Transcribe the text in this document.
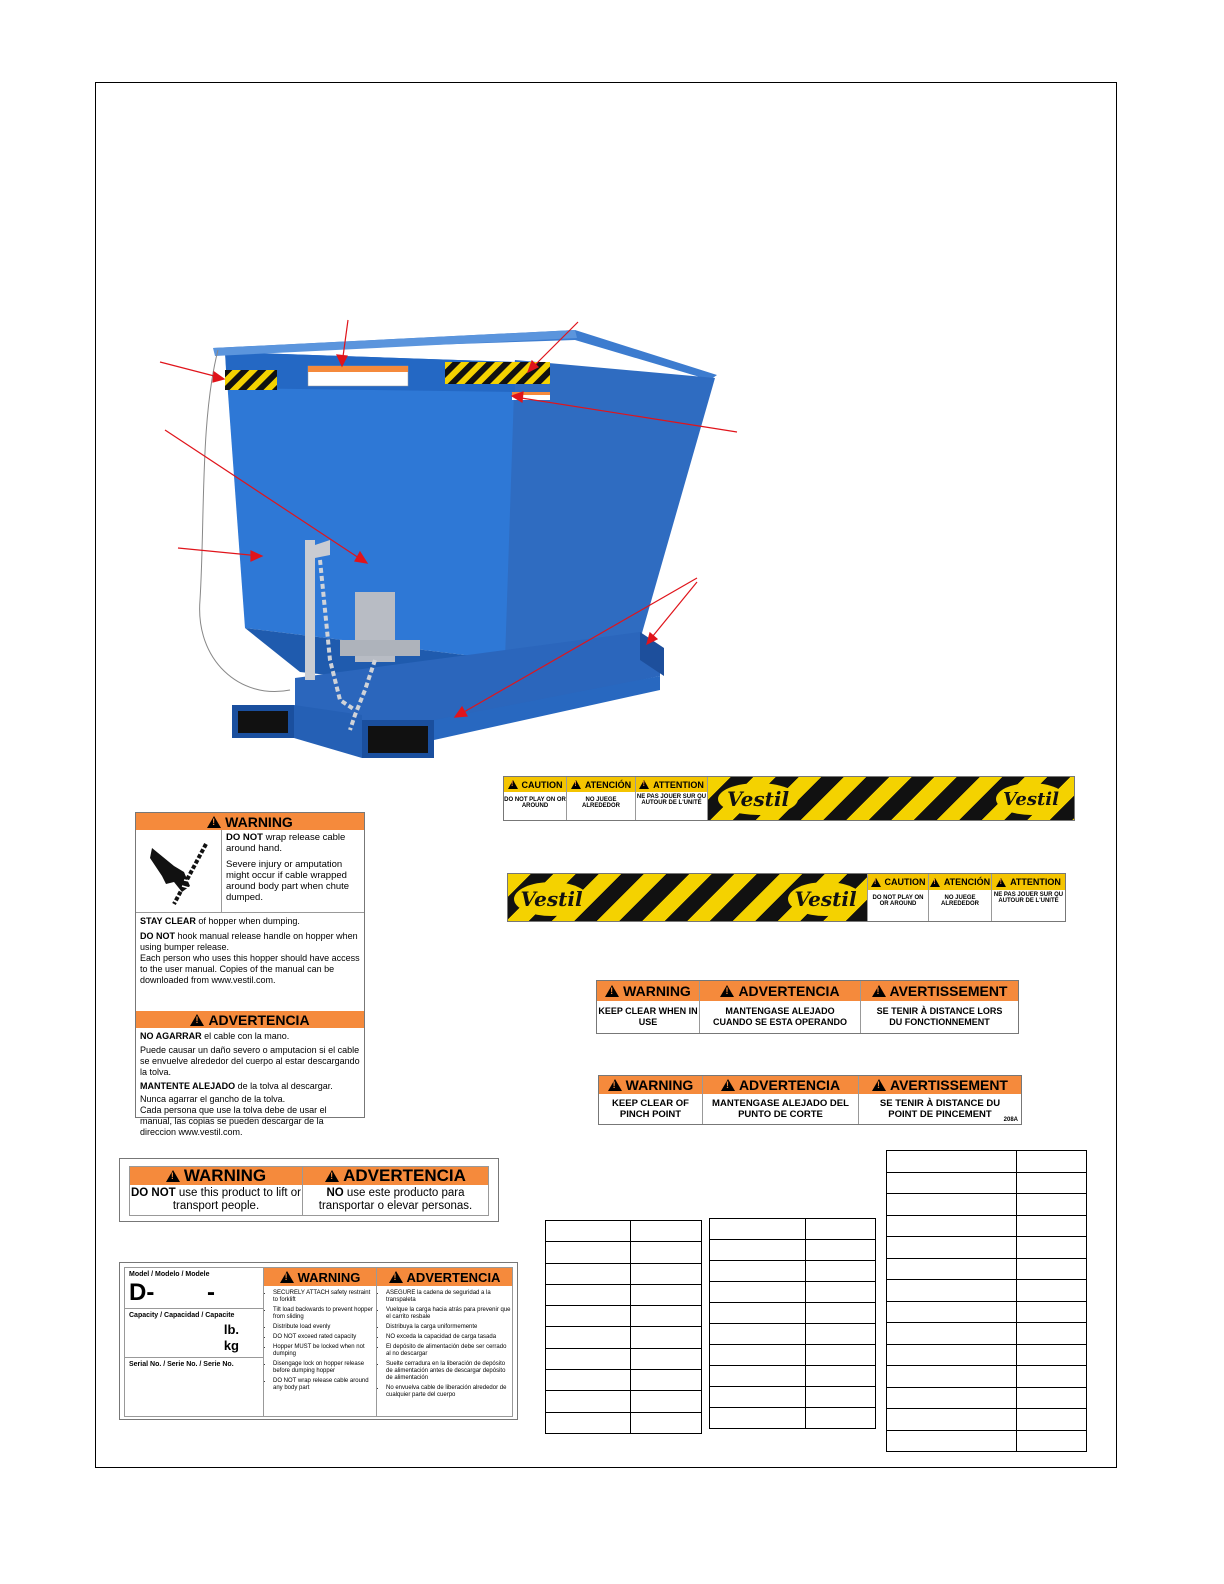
!
CAUTION
DO NOT PLAY ON OR AROUND
!
ATENCIÓN
NO JUEGE ALREDEDOR
!
ATTENTION
NE PAS JOUER SUR OU AUTOUR DE L'UNITÉ	Vestil	Vestil
Vestil	Vestil
!
CAUTION
DO NOT PLAY ON OR AROUND
!
ATENCIÓN
NO JUEGE ALREDEDOR
!
ATTENTION
NE PAS JOUER SUR OU AUTOUR DE L'UNITÉ
!
WARNING
DO NOT wrap release cable around hand.
Severe injury or amputation might occur if cable wrapped around body part when chute dumped.
STAY CLEAR of hopper when dumping.
DO NOT hook manual release handle on hopper when using bumper release.
Each person who uses this hopper should have access to the user manual. Copies of the manual can be downloaded from www.vestil.com.
!
ADVERTENCIA
NO AGARRAR el cable con la mano.
Puede causar un daño severo o amputacion si el cable se envuelve alrededor del cuerpo al estar descargando la tolva.
MANTENTE ALEJADO de la tolva al descargar.
Nunca agarrar el gancho de la tolva.
Cada persona que use la tolva debe de usar el manual, las copias se pueden descargar de la direccion www.vestil.com.
!
WARNING
KEEP CLEAR WHEN IN USE
!
ADVERTENCIA
MANTENGASE ALEJADO CUANDO SE ESTA OPERANDO
!
AVERTISSEMENT
SE TENIR À DISTANCE LORS DU FONCTIONNEMENT
!
WARNING
KEEP CLEAR OF PINCH POINT
!
ADVERTENCIA
MANTENGASE ALEJADO DEL PUNTO DE CORTE
!
AVERTISSEMENT
SE TENIR À DISTANCE DU POINT DE PINCEMENT	208A
!
WARNING
DO NOT use this product to lift or transport people.
!
ADVERTENCIA
NO use este producto para transportar o elevar personas.
Model / Modelo / Modele
D- -
Capacity / Capacidad / Capacite
lb.
kg
Serial No. / Serie No. / Serie No.
!
WARNING
• SECURELY ATTACH safety restraint to forklift
• Tilt load backwards to prevent hopper from sliding
• Distribute load evenly
• DO NOT exceed rated capacity
• Hopper MUST be locked when not dumping
• Disengage lock on hopper release before dumping hopper
• DO NOT wrap release cable around any body part
!
ADVERTENCIA
• ASEGURE la cadena de seguridad a la transpaleta
• Vuelque la carga hacia atrás para prevenir que el carrito resbale
• Distribuya la carga uniformemente
• NO exceda la capacidad de carga tasada
• El depósito de alimentación debe ser cerrado al no descargar
• Suelte cerradura en la liberación de depósito de alimentación antes de descargar depósito de alimentación
• No envuelva cable de liberación alrededor de cualquier parte del cuerpo
